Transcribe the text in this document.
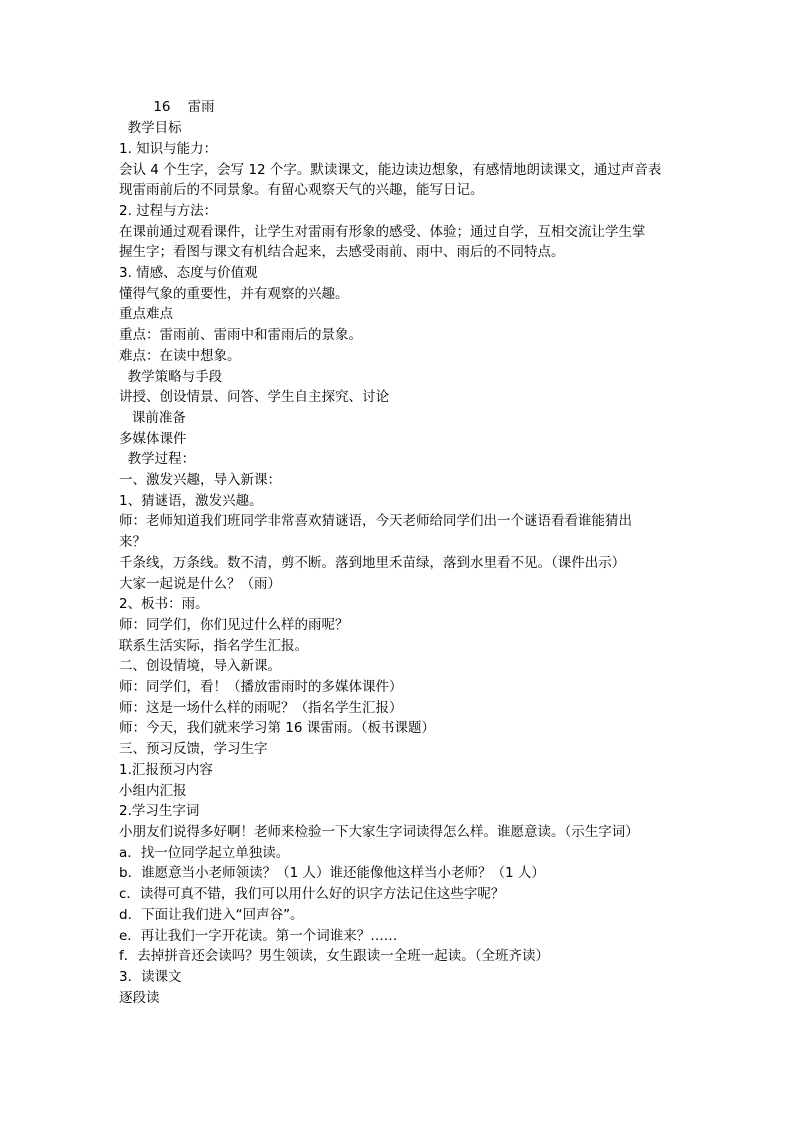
16    雷雨
教学目标
1. 知识与能力：
会认 4 个生字，会写 12 个字。默读课文，能边读边想象，有感情地朗读课文，通过声音表
现雷雨前后的不同景象。有留心观察天气的兴趣，能写日记。
2. 过程与方法：
在课前通过观看课件，让学生对雷雨有形象的感受、体验；通过自学，互相交流让学生掌
握生字；看图与课文有机结合起来，去感受雨前、雨中、雨后的不同特点。
3. 情感、态度与价值观
懂得气象的重要性，并有观察的兴趣。
重点难点
重点：雷雨前、雷雨中和雷雨后的景象。
难点：在读中想象。
教学策略与手段
讲授、创设情景、问答、学生自主探究、讨论
课前准备
多媒体课件
教学过程：
一、激发兴趣，导入新课：
1、猜谜语，激发兴趣。
师：老师知道我们班同学非常喜欢猜谜语，今天老师给同学们出一个谜语看看谁能猜出
来？
千条线，万条线。数不清，剪不断。落到地里禾苗绿，落到水里看不见。（课件出示）
大家一起说是什么？（雨）
2、板书：雨。
师：同学们，你们见过什么样的雨呢？
联系生活实际，指名学生汇报。
二、创设情境，导入新课。
师：同学们，看！（播放雷雨时的多媒体课件）
师：这是一场什么样的雨呢？（指名学生汇报）
师：今天，我们就来学习第 16 课雷雨。（板书课题）
三、预习反馈，学习生字
1.汇报预习内容
小组内汇报
2.学习生字词
小朋友们说得多好啊！老师来检验一下大家生字词读得怎么样。谁愿意读。（示生字词）
a．找一位同学起立单独读。
b．谁愿意当小老师领读？（1 人）谁还能像他这样当小老师？（1 人）
c．读得可真不错，我们可以用什么好的识字方法记住这些字呢？
d．下面让我们进入“回声谷”。
e．再让我们一字开花读。第一个词谁来？……
f．去掉拼音还会读吗？男生领读，女生跟读一全班一起读。（全班齐读）
3．读课文
逐段读
